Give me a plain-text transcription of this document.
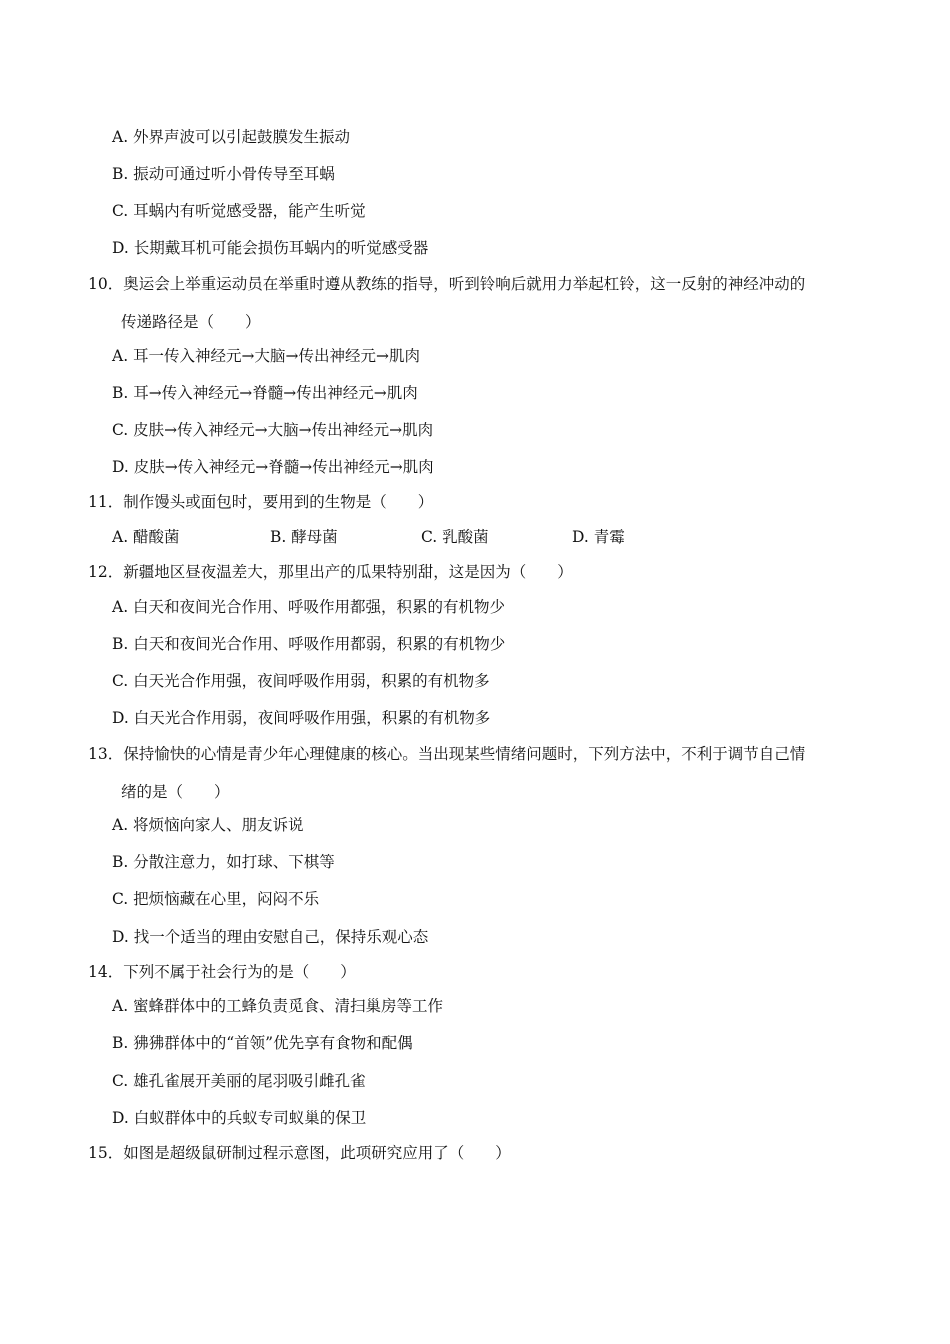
A. 外界声波可以引起鼓膜发生振动
B. 振动可通过听小骨传导至耳蜗
C. 耳蜗内有听觉感受器，能产生听觉
D. 长期戴耳机可能会损伤耳蜗内的听觉感受器
10．奥运会上举重运动员在举重时遵从教练的指导，听到铃响后就用力举起杠铃，这一反射的神经冲动的
传递路径是（　　）
A. 耳一传入神经元→大脑→传出神经元→肌肉
B. 耳→传入神经元→脊髓→传出神经元→肌肉
C. 皮肤→传入神经元→大脑→传出神经元→肌肉
D. 皮肤→传入神经元→脊髓→传出神经元→肌肉
11．制作馒头或面包时，要用到的生物是（　　）
A. 醋酸菌	B. 酵母菌	C. 乳酸菌	D. 青霉
12．新疆地区昼夜温差大，那里出产的瓜果特别甜，这是因为（　　）
A. 白天和夜间光合作用、呼吸作用都强，积累的有机物少
B. 白天和夜间光合作用、呼吸作用都弱，积累的有机物少
C. 白天光合作用强，夜间呼吸作用弱，积累的有机物多
D. 白天光合作用弱，夜间呼吸作用强，积累的有机物多
13．保持愉快的心情是青少年心理健康的核心。当出现某些情绪问题时，下列方法中，不利于调节自己情
绪的是（　　）
A. 将烦恼向家人、朋友诉说
B. 分散注意力，如打球、下棋等
C. 把烦恼藏在心里，闷闷不乐
D. 找一个适当的理由安慰自己，保持乐观心态
14．下列不属于社会行为的是（　　）
A. 蜜蜂群体中的工蜂负责觅食、清扫巢房等工作
B. 狒狒群体中的“首领”优先享有食物和配偶
C. 雄孔雀展开美丽的尾羽吸引雌孔雀
D. 白蚁群体中的兵蚁专司蚁巢的保卫
15．如图是超级鼠研制过程示意图，此项研究应用了（　　）
